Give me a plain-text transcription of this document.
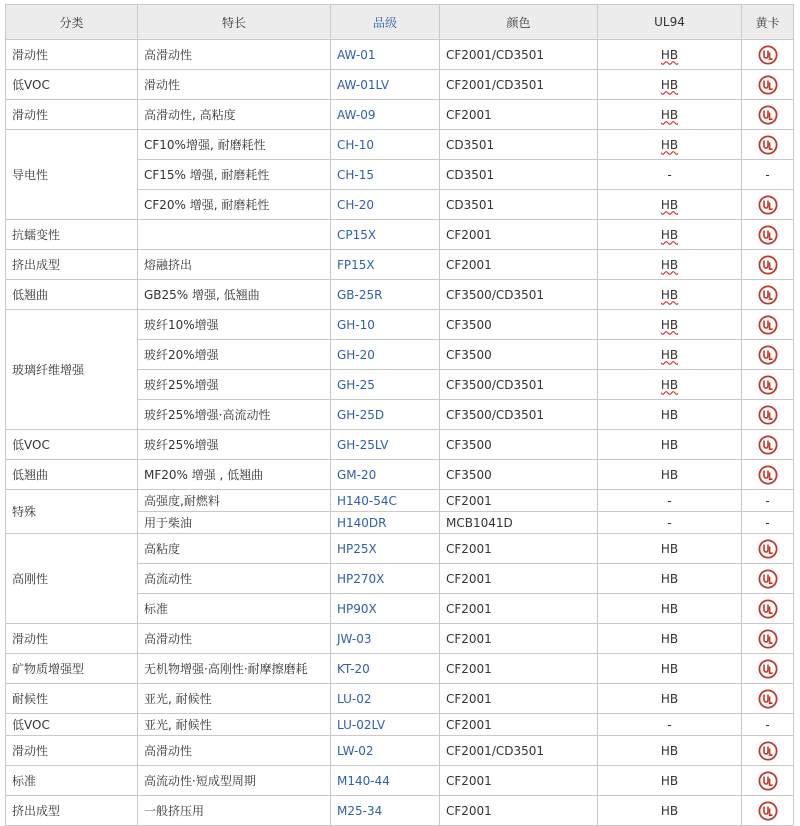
分类	特长	品级	颜色	UL94	黄卡
滑动性	高滑动性	AW-01	CF2001/CD3501	HB	
低VOC	滑动性	AW-01LV	CF2001/CD3501	HB	
滑动性	高滑动性, 高粘度	AW-09	CF2001	HB	
导电性	CF10%增强, 耐磨耗性	CH-10	CD3501	HB	
	CF15% 增强, 耐磨耗性	CH-15	CD3501	-	-
	CF20% 增强, 耐磨耗性	CH-20	CD3501	HB	
抗蠕变性		CP15X	CF2001	HB	
挤出成型	熔融挤出	FP15X	CF2001	HB	
低翘曲	GB25% 增强, 低翘曲	GB-25R	CF3500/CD3501	HB	
玻璃纤维增强	玻纤10%增强	GH-10	CF3500	HB	
	玻纤20%增强	GH-20	CF3500	HB	
	玻纤25%增强	GH-25	CF3500/CD3501	HB	
	玻纤25%增强·高流动性	GH-25D	CF3500/CD3501	HB	
低VOC	玻纤25%增强	GH-25LV	CF3500	HB	
低翘曲	MF20% 增强 , 低翘曲	GM-20	CF3500	HB	
特殊	高强度,耐燃料	H140-54C	CF2001	-	-
	用于柴油	H140DR	MCB1041D	-	-
高刚性	高粘度	HP25X	CF2001	HB	
	高流动性	HP270X	CF2001	HB	
	标准	HP90X	CF2001	HB	
滑动性	高滑动性	JW-03	CF2001	HB	
矿物质增强型	无机物增强·高刚性·耐摩擦磨耗	KT-20	CF2001	HB	
耐候性	亚光, 耐候性	LU-02	CF2001	HB	
低VOC	亚光, 耐候性	LU-02LV	CF2001	-	-
滑动性	高滑动性	LW-02	CF2001/CD3501	HB	
标准	高流动性·短成型周期	M140-44	CF2001	HB	
挤出成型	一般挤压用	M25-34	CF2001	HB	
